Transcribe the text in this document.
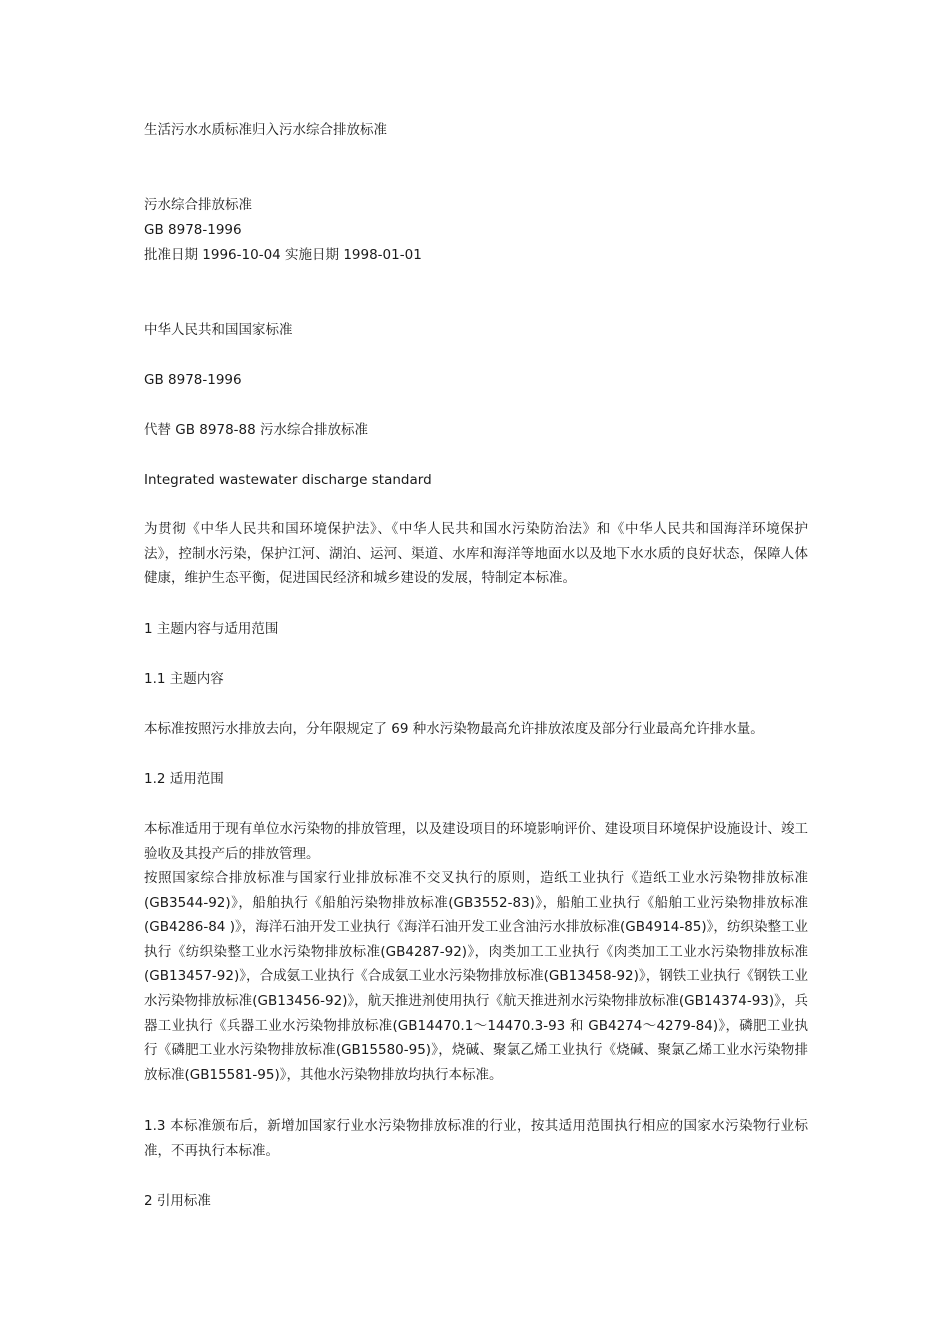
生活污水水质标准归入污水综合排放标准
污水综合排放标准
GB 8978-1996
批准日期 1996-10-04 实施日期 1998-01-01
中华人民共和国国家标准
GB 8978-1996
代替 GB 8978-88 污水综合排放标准
Integrated wastewater discharge standard
为贯彻《中华人民共和国环境保护法》、《中华人民共和国水污染防治法》和《中华人民共和国海洋环境保护法》，控制水污染，保护江河、湖泊、运河、渠道、水库和海洋等地面水以及地下水水质的良好状态，保障人体健康，维护生态平衡，促进国民经济和城乡建设的发展，特制定本标准。
1 主题内容与适用范围
1.1 主题内容
本标准按照污水排放去向，分年限规定了 69 种水污染物最高允许排放浓度及部分行业最高允许排水量。
1.2 适用范围
本标准适用于现有单位水污染物的排放管理，以及建设项目的环境影响评价、建设项目环境保护设施设计、竣工验收及其投产后的排放管理。
按照国家综合排放标准与国家行业排放标准不交叉执行的原则，造纸工业执行《造纸工业水污染物排放标准(GB3544-92)》，船舶执行《船舶污染物排放标准(GB3552-83)》，船舶工业执行《船舶工业污染物排放标准(GB4286-84 )》，海洋石油开发工业执行《海洋石油开发工业含油污水排放标准(GB4914-85)》，纺织染整工业执行《纺织染整工业水污染物排放标准(GB4287-92)》，肉类加工工业执行《肉类加工工业水污染物排放标准(GB13457-92)》，合成氨工业执行《合成氨工业水污染物排放标准(GB13458-92)》，钢铁工业执行《钢铁工业水污染物排放标准(GB13456-92)》，航天推进剂使用执行《航天推进剂水污染物排放标准(GB14374-93)》，兵器工业执行《兵器工业水污染物排放标准(GB14470.1～14470.3-93 和 GB4274～4279-84)》，磷肥工业执行《磷肥工业水污染物排放标准(GB15580-95)》，烧碱、聚氯乙烯工业执行《烧碱、聚氯乙烯工业水污染物排放标准(GB15581-95)》，其他水污染物排放均执行本标准。
1.3 本标准颁布后，新增加国家行业水污染物排放标准的行业，按其适用范围执行相应的国家水污染物行业标准，不再执行本标准。
2 引用标准
